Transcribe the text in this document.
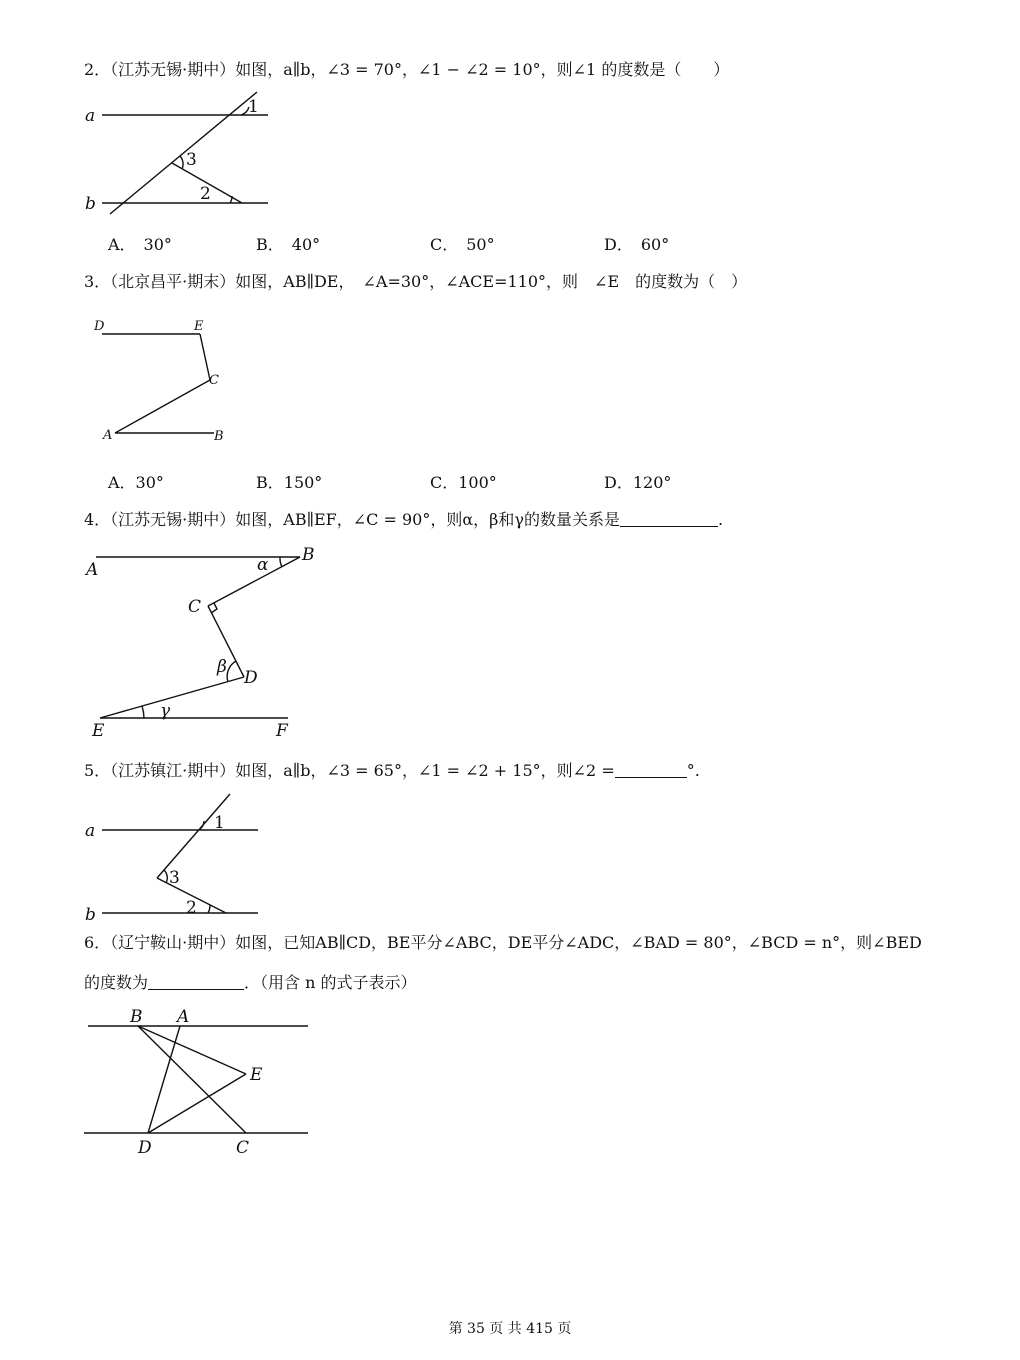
2．（江苏无锡·期中）如图，a∥b，∠3 = 70°，∠1 − ∠2 = 10°，则∠1 的度数是（　　）
a
b
1
3
2
A．　30°	B．　40°	C．　50°	D．　60°
3．（北京昌平·期末）如图，AB∥DE，　∠A=30°，∠ACE=110°，则　∠E　的度数为（　）
D	E
C
A	B
A．30°	B．150°	C．100°	D．120°
4．（江苏无锡·期中）如图，AB∥EF，∠C = 90°，则α，β和γ的数量关系是	.
A
B
C
D
E	F
α
β
γ
5．（江苏镇江·期中）如图，a∥b，∠3 = 65°，∠1 = ∠2 + 15°，则∠2 =	°.
a
b
1
3
2
6．（辽宁鞍山·期中）如图，已知AB∥CD，BE平分∠ABC，DE平分∠ADC，∠BAD = 80°，∠BCD = n°，则∠BED
的度数为	．（用含 n 的式子表示）
B A
E
D	C
第 35 页 共 415 页
